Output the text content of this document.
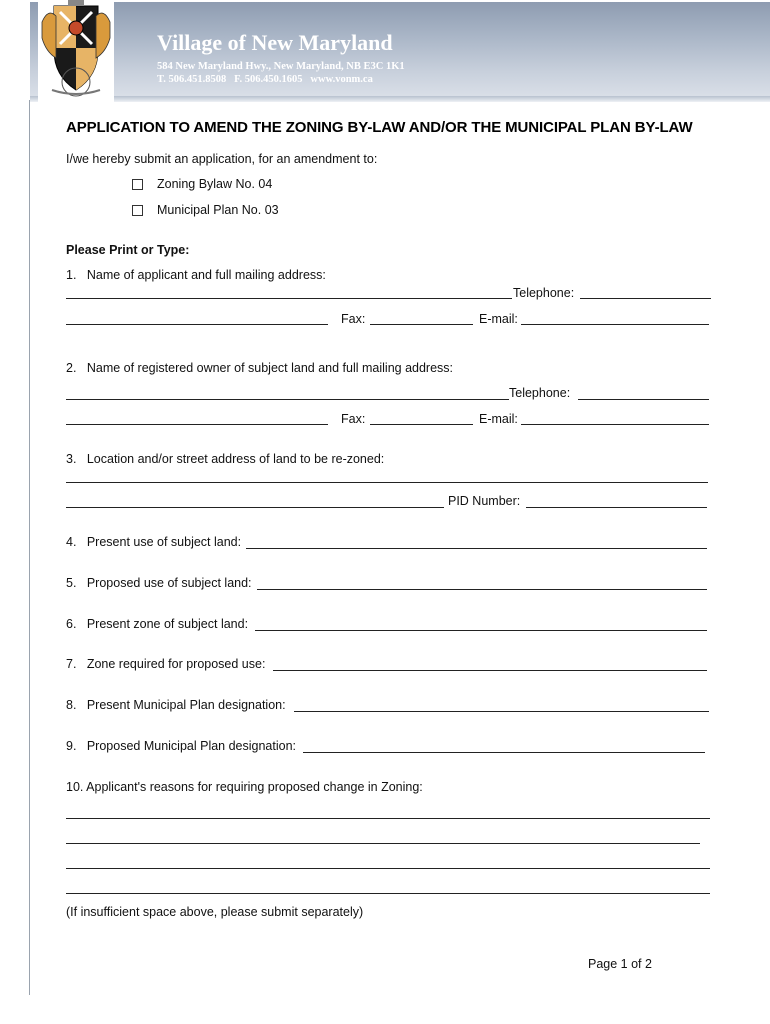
Village of New Maryland
584 New Maryland Hwy., New Maryland, NB E3C 1K1
T. 506.451.8508   F. 506.450.1605   www.vonm.ca
APPLICATION TO AMEND THE ZONING BY-LAW AND/OR THE MUNICIPAL PLAN BY-LAW
I/we hereby submit an application, for an amendment to:
Zoning Bylaw No. 04
Municipal Plan No. 03
Please Print or Type:
1.   Name of applicant and full mailing address:
Telephone:
Fax:	E-mail:
2.   Name of registered owner of subject land and full mailing address:
Telephone:
Fax:	E-mail:
3.   Location and/or street address of land to be re-zoned:
PID Number:
4.   Present use of subject land:
5.   Proposed use of subject land:
6.   Present zone of subject land:
7.   Zone required for proposed use:
8.   Present Municipal Plan designation:
9.   Proposed Municipal Plan designation:
10. Applicant's reasons for requiring proposed change in Zoning:
(If insufficient space above, please submit separately)
Page 1 of 2
